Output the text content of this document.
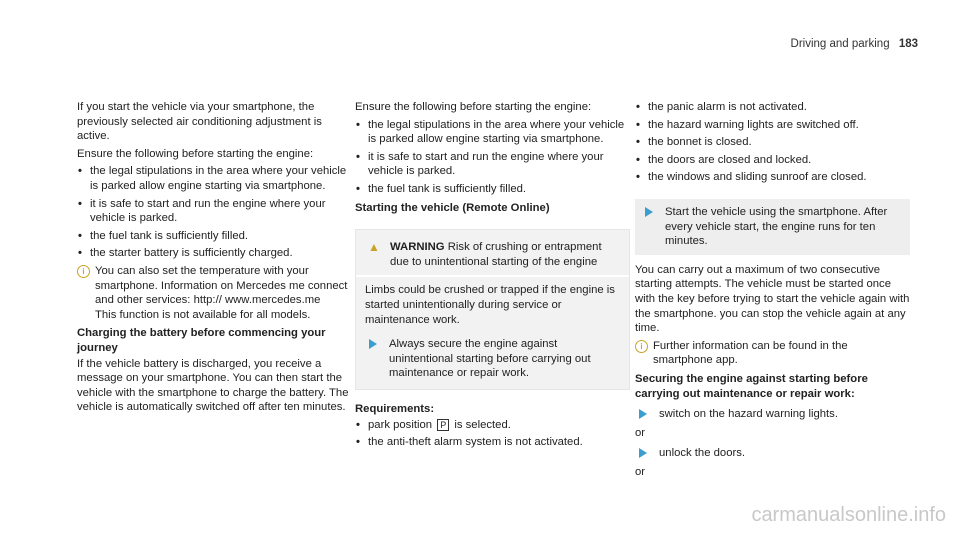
Driving and parking 183

If you start the vehicle via your smartphone, the previously selected air conditioning adjustment is active.

Ensure the following before starting the engine:

• the legal stipulations in the area where your vehicle is parked allow engine starting via smartphone.
• it is safe to start and run the engine where your vehicle is parked.
• the fuel tank is sufficiently filled.
• the starter battery is sufficiently charged.
i You can also set the temperature with your smartphone. Information on Mercedes me connect and other services: http:// www.mercedes.me
This function is not available for all models.

Charging the battery before commencing your journey

If the vehicle battery is discharged, you receive a message on your smartphone. You can then start the vehicle with the smartphone to charge the battery. The vehicle is automatically switched off after ten minutes.

Ensure the following before starting the engine:

• the legal stipulations in the area where your vehicle is parked allow engine starting via smartphone.
• it is safe to start and run the engine where your vehicle is parked.
• the fuel tank is sufficiently filled.

Starting the vehicle (Remote Online)

▲ WARNING Risk of crushing or entrapment due to unintentional starting of the engine

Limbs could be crushed or trapped if the engine is started unintentionally during service or maintenance work.

Always secure the engine against unintentional starting before carrying out maintenance or repair work.

Requirements:

• park position P is selected.
• the anti-theft alarm system is not activated.
• the panic alarm is not activated.
• the hazard warning lights are switched off.
• the bonnet is closed.
• the doors are closed and locked.
• the windows and sliding sunroof are closed.
Start the vehicle using the smartphone. After every vehicle start, the engine runs for ten minutes.

You can carry out a maximum of two consecutive starting attempts. The vehicle must be started once with the key before trying to start the vehicle again with the smartphone. you can stop the vehicle again at any time.

i Further information can be found in the smartphone app.

Securing the engine against starting before carrying out maintenance or repair work:

switch on the hazard warning lights.

or

unlock the doors.

or

carmanualsonline.info
